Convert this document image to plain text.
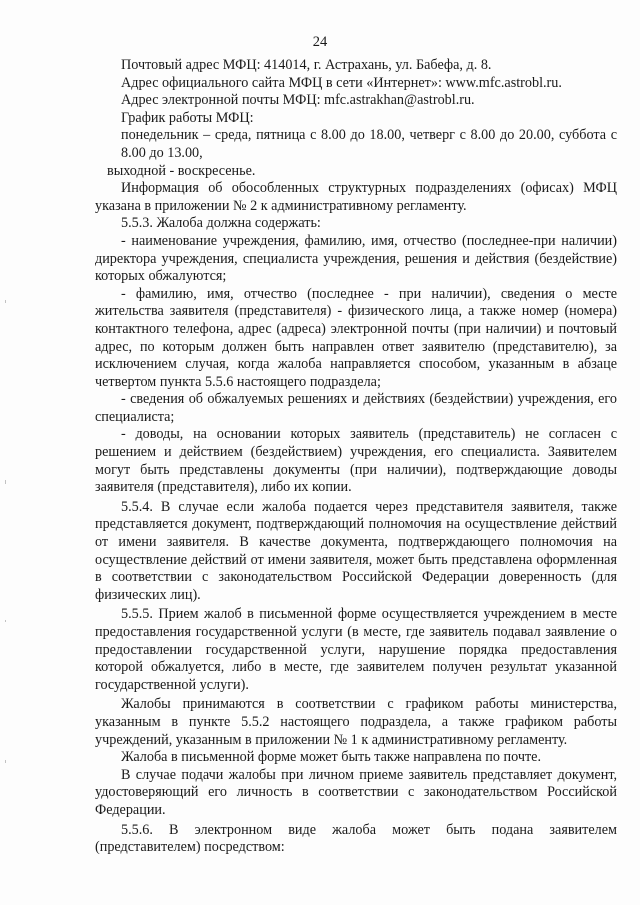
24

Почтовый адрес МФЦ: 414014, г. Астрахань, ул. Бабефа, д. 8.

Адрес официального сайта МФЦ в сети «Интернет»: www.mfc.astrobl.ru.

Адрес электронной почты МФЦ: mfc.astrakhan@astrobl.ru.

График работы МФЦ:

понедельник – среда, пятница с 8.00 до 18.00, четверг с 8.00 до 20.00, суббота с 8.00 до 13.00,

выходной - воскресенье.

Информация об обособленных структурных подразделениях (офисах) МФЦ указана в приложении № 2 к административному регламенту.

5.5.3. Жалоба должна содержать:

- наименование учреждения, фамилию, имя, отчество (последнее-при наличии) директора учреждения, специалиста учреждения, решения и действия (бездействие) которых обжалуются;

- фамилию, имя, отчество (последнее - при наличии), сведения о месте жительства заявителя (представителя) - физического лица, а также номер (номера) контактного телефона, адрес (адреса) электронной почты (при наличии) и почтовый адрес, по которым должен быть направлен ответ заявителю (представителю), за исключением случая, когда жалоба направляется способом, указанным в абзаце четвертом пункта 5.5.6 настоящего подраздела;

- сведения об обжалуемых решениях и действиях (бездействии) учреждения, его специалиста;

- доводы, на основании которых заявитель (представитель) не согласен с решением и действием (бездействием) учреждения, его специалиста. Заявителем могут быть представлены документы (при наличии), подтверждающие доводы заявителя (представителя), либо их копии.

5.5.4. В случае если жалоба подается через представителя заявителя, также представляется документ, подтверждающий полномочия на осуществление действий от имени заявителя. В качестве документа, подтверждающего полномочия на осуществление действий от имени заявителя, может быть представлена оформленная в соответствии с законодательством Российской Федерации доверенность (для физических лиц).

5.5.5. Прием жалоб в письменной форме осуществляется учреждением в месте предоставления государственной услуги (в месте, где заявитель подавал заявление о предоставлении государственной услуги, нарушение порядка предоставления которой обжалуется, либо в месте, где заявителем получен результат указанной государственной услуги).

Жалобы принимаются в соответствии с графиком работы министерства, указанным в пункте 5.5.2 настоящего подраздела, а также графиком работы учреждений, указанным в приложении № 1 к административному регламенту.

Жалоба в письменной форме может быть также направлена по почте.

В случае подачи жалобы при личном приеме заявитель представляет документ, удостоверяющий его личность в соответствии с законодательством Российской Федерации.

5.5.6. В электронном виде жалоба может быть подана заявителем (представителем) посредством:
